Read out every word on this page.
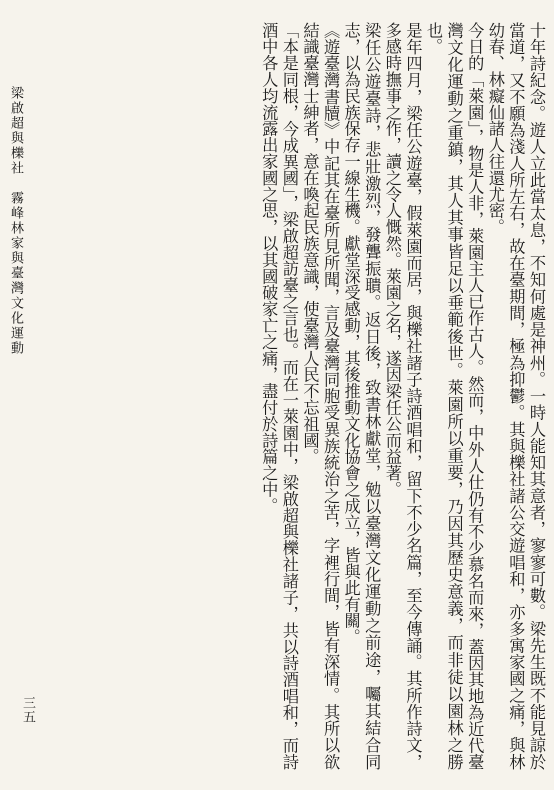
梁啟超與櫟社　霧峰林家與臺灣文化運動
三五	十年詩紀念。遊人立此當太息，不知何處是神州。一時人能知其意者，寥寥可數。梁先生既不能見諒於當道，又不願為淺人所左右，故在臺期間，極為抑鬱。其與櫟社諸公交遊唱和，亦多寓家國之痛，與林幼春、林癡仙諸人往還尤密。

今日的「萊園」，物是人非，萊園主人已作古人。然而，中外人仕仍有不少慕名而來，蓋因其地為近代臺灣文化運動之重鎮，其人其事皆足以垂範後世。萊園所以重要，乃因其歷史意義，而非徒以園林之勝也。

是年四月，梁任公遊臺，假萊園而居，與櫟社諸子詩酒唱和，留下不少名篇，至今傳誦。其所作詩文，多感時撫事之作，讀之令人慨然。萊園之名，遂因梁任公而益著。

梁任公遊臺詩，悲壯激烈，發聾振聵。返日後，致書林獻堂，勉以臺灣文化運動之前途，囑其結合同志，以為民族保存一線生機。獻堂深受感動，其後推動文化協會之成立，皆與此有關。

《遊臺灣書牘》中記其在臺所見所聞，言及臺灣同胞受異族統治之苦，字裡行間，皆有深情。其所以欲結識臺灣士紳者，意在喚起民族意識，使臺灣人民不忘祖國。

「本是同根，今成異國」，梁啟超訪臺之言也。而在一萊園中，梁啟超與櫟社諸子，共以詩酒唱和，而詩酒中各人均流露出家國之思，以其國破家亡之痛，盡付於詩篇之中。
